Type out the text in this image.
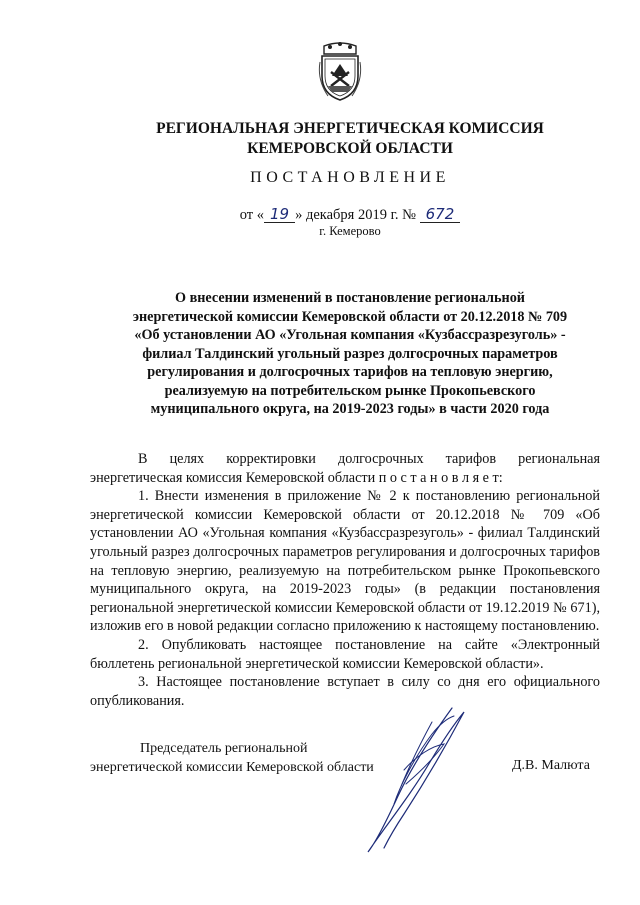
РЕГИОНАЛЬНАЯ ЭНЕРГЕТИЧЕСКАЯ КОМИССИЯ
КЕМЕРОВСКОЙ ОБЛАСТИ
ПОСТАНОВЛЕНИЕ
от « 19 » декабря 2019 г. № 672
г. Кемерово
О внесении изменений в постановление региональной
энергетической комиссии Кемеровской области от 20.12.2018 № 709
«Об установлении АО «Угольная компания «Кузбассразрезуголь» -
филиал Талдинский угольный разрез долгосрочных параметров
регулирования и долгосрочных тарифов на тепловую энергию,
реализуемую на потребительском рынке Прокопьевского
муниципального округа, на 2019-2023 годы» в части 2020 года

В целях корректировки долгосрочных тарифов региональная энергетическая комиссия Кемеровской области п о с т а н о в л я е т:

1. Внести изменения в приложение № 2 к постановлению региональной энергетической комиссии Кемеровской области от 20.12.2018 № 709 «Об установлении АО «Угольная компания «Кузбассразрезуголь» - филиал Талдинский угольный разрез долгосрочных параметров регулирования и долгосрочных тарифов на тепловую энергию, реализуемую на потребительском рынке Прокопьевского муниципального округа, на 2019-2023 годы» (в редакции постановления региональной энергетической комиссии Кемеровской области от 19.12.2019 № 671), изложив его в новой редакции согласно приложению к настоящему постановлению.

2. Опубликовать настоящее постановление на сайте «Электронный бюллетень региональной энергетической комиссии Кемеровской области».

3. Настоящее постановление вступает в силу со дня его официального опубликования.

Председатель региональной
энергетической комиссии Кемеровской области	Д.В. Малюта
